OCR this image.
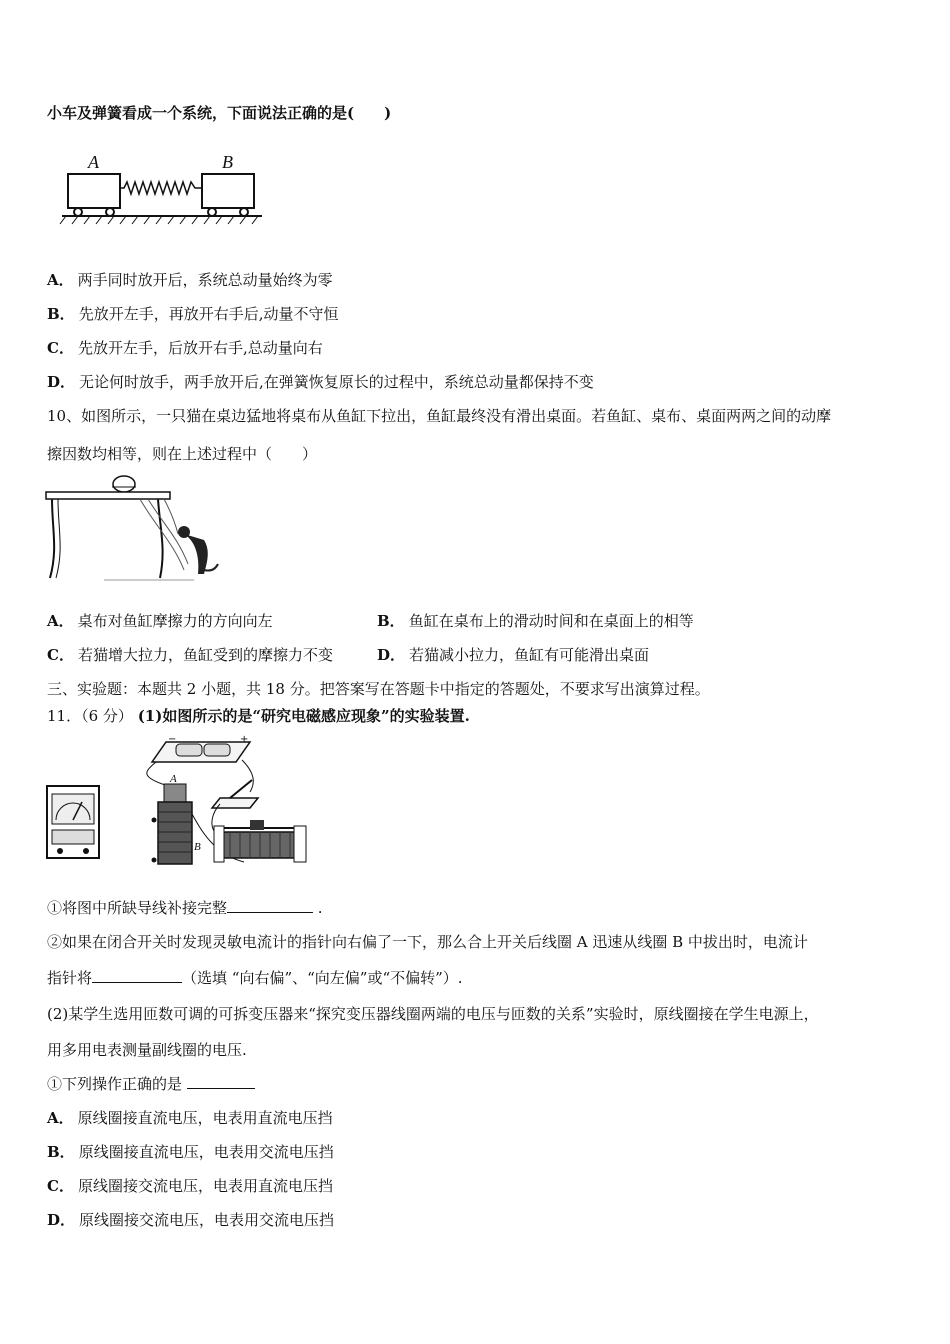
小车及弹簧看成一个系统，下面说法正确的是(　　)
A	B
A． 两手同时放开后，系统总动量始终为零
B． 先放开左手，再放开右手后,动量不守恒
C． 先放开左手，后放开右手,总动量向右
D． 无论何时放手，两手放开后,在弹簧恢复原长的过程中，系统总动量都保持不变
10、如图所示，一只猫在桌边猛地将桌布从鱼缸下拉出，鱼缸最终没有滑出桌面。若鱼缸、桌布、桌面两两之间的动摩
擦因数均相等，则在上述过程中（　　）
A． 桌布对鱼缸摩擦力的方向向左	B． 鱼缸在桌布上的滑动时间和在桌面上的相等
C． 若猫增大拉力，鱼缸受到的摩擦力不变	D． 若猫减小拉力，鱼缸有可能滑出桌面
三、实验题：本题共 2 小题，共 18 分。把答案写在答题卡中指定的答题处，不要求写出演算过程。
11．（6 分） (1)如图所示的是“研究电磁感应现象”的实验装置.
−	+
A
B
①将图中所缺导线补接完整	.
②如果在闭合开关时发现灵敏电流计的指针向右偏了一下，那么合上开关后线圈 A 迅速从线圈 B 中拔出时，电流计
指针将	（选填 “向右偏”、“向左偏”或“不偏转”）.
(2)某学生选用匝数可调的可拆变压器来“探究变压器线圈两端的电压与匝数的关系”实验时，原线圈接在学生电源上，
用多用电表测量副线圈的电压.
①下列操作正确的是
A． 原线圈接直流电压，电表用直流电压挡
B． 原线圈接直流电压，电表用交流电压挡
C． 原线圈接交流电压，电表用直流电压挡
D． 原线圈接交流电压，电表用交流电压挡
